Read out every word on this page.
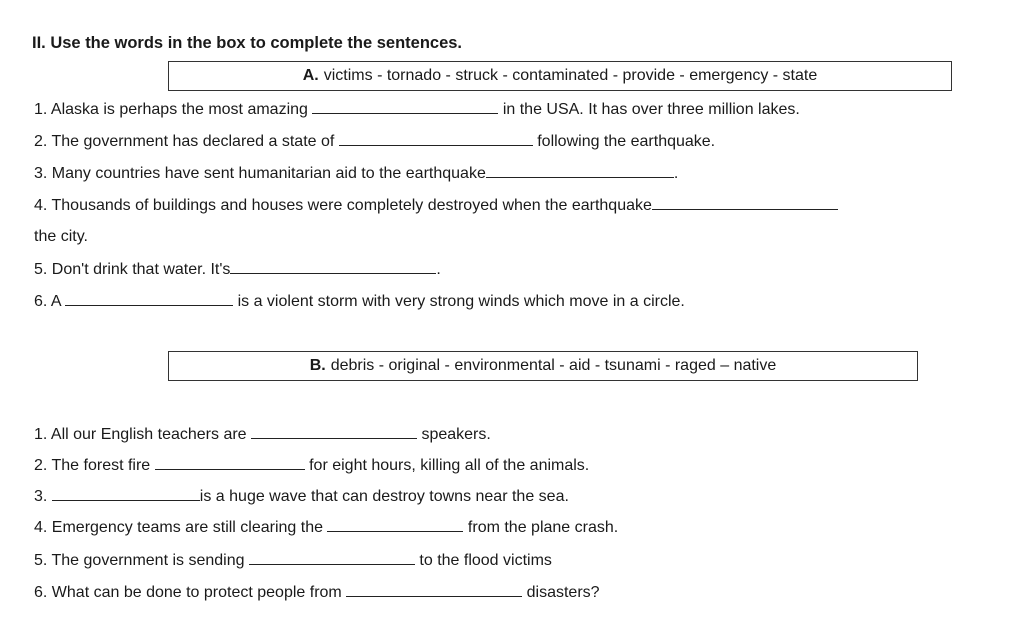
II. Use the words in the box to complete the sentences.
A. victims - tornado - struck - contaminated - provide - emergency - state
1. Alaska is perhaps the most amazing	in the USA. It has over three million lakes.
2. The government has declared a state of	following the earthquake.
3. Many countries have sent humanitarian aid to the earthquake	.
4. Thousands of buildings and houses were completely destroyed when the earthquake
the city.
5. Don't drink that water. It's	.
6. A	is a violent storm with very strong winds which move in a circle.
B. debris - original - environmental - aid - tsunami - raged – native
1. All our English teachers are	speakers.
2. The forest fire	for eight hours, killing all of the animals.
3.	is a huge wave that can destroy towns near the sea.
4. Emergency teams are still clearing the	from the plane crash.
5. The government is sending	to the flood victims
6. What can be done to protect people from	disasters?
